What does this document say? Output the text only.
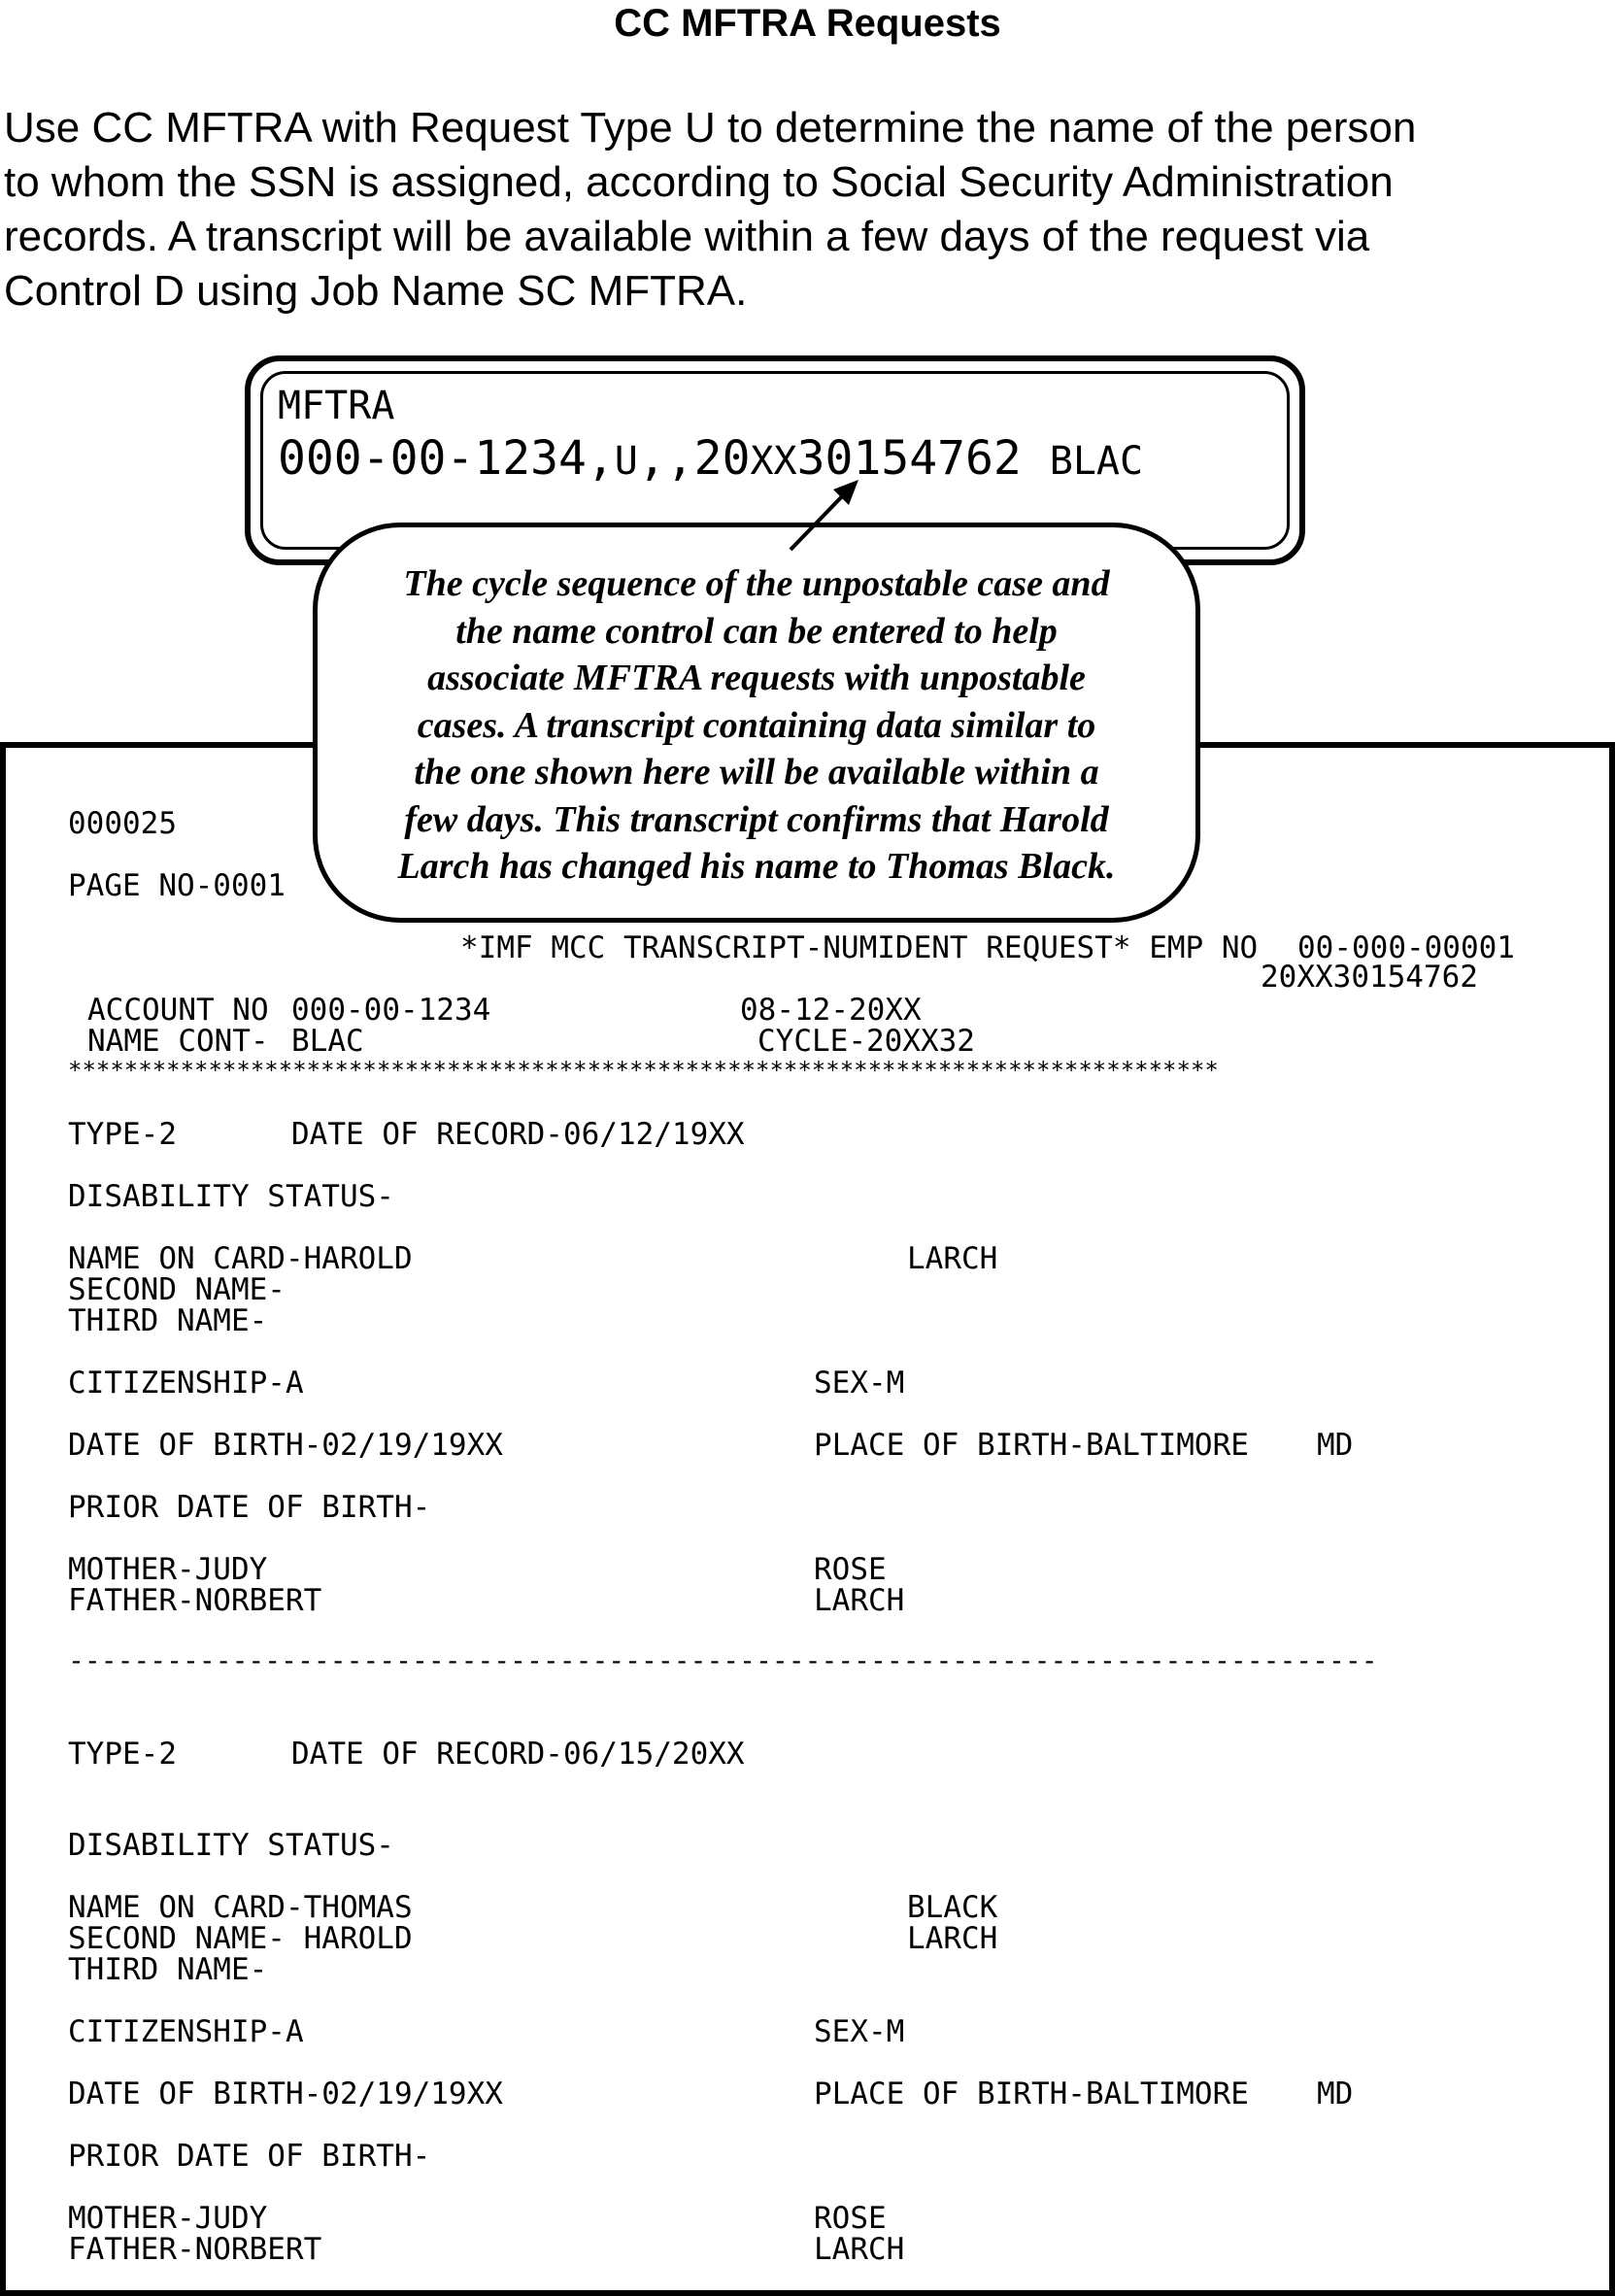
CC MFTRA Requests
Use CC MFTRA with Request Type U to determine the name of the person
to whom the SSN is assigned, according to Social Security Administration
records. A transcript will be available within a few days of the request via
Control D using Job Name SC MFTRA.
MFTRA
000-00-1234,U,,20XX30154762 BLAC
000025
PAGE NO-0001
*IMF MCC TRANSCRIPT-NUMIDENT REQUEST* EMP NO 00-000-00001
20XX30154762
ACCOUNT NO 000-00-1234	08-12-20XX
NAME CONT- BLAC	CYCLE-20XX32
**********************************************************************************
TYPE-2	DATE OF RECORD-06/12/19XX
DISABILITY STATUS-
NAME ON CARD-HAROLD	LARCH
SECOND NAME-
THIRD NAME-
CITIZENSHIP-A	SEX-M
DATE OF BIRTH-02/19/19XX	PLACE OF BIRTH-BALTIMORE MD
PRIOR DATE OF BIRTH-
MOTHER-JUDY	ROSE
FATHER-NORBERT	LARCH
--------------------------------------------------------------------------------
TYPE-2	DATE OF RECORD-06/15/20XX
DISABILITY STATUS-
NAME ON CARD-THOMAS	BLACK
SECOND NAME- HAROLD	LARCH
THIRD NAME-
CITIZENSHIP-A	SEX-M
DATE OF BIRTH-02/19/19XX	PLACE OF BIRTH-BALTIMORE MD
PRIOR DATE OF BIRTH-
MOTHER-JUDY	ROSE
FATHER-NORBERT	LARCH
The cycle sequence of the unpostable case and
the name control can be entered to help
associate MFTRA requests with unpostable
cases. A transcript containing data similar to
the one shown here will be available within a
few days. This transcript confirms that Harold
Larch has changed his name to Thomas Black.
